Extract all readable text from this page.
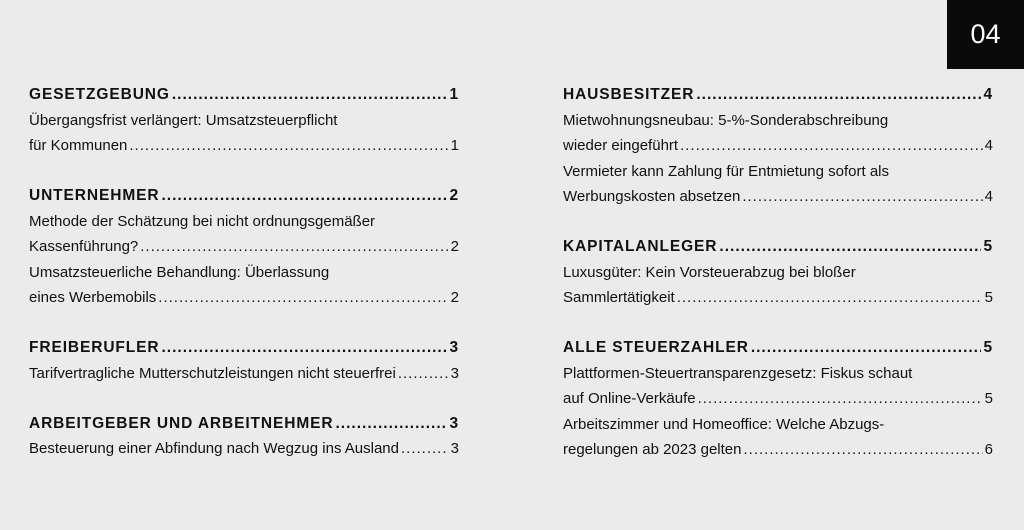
04
GESETZGEBUNG .....	1
Übergangsfrist verlängert: Umsatzsteuerpflicht
für Kommunen .....	1
UNTERNEHMER .....	2
Methode der Schätzung bei nicht ordnungsgemäßer
Kassenführung? .....	2
Umsatzsteuerliche Behandlung: Überlassung
eines Werbemobils .....	2
FREIBERUFLER .....	3
Tarifvertragliche Mutterschutzleistungen nicht steuerfrei .....	3
ARBEITGEBER UND ARBEITNEHMER .....	3
Besteuerung einer Abfindung nach Wegzug ins Ausland .....	3
HAUSBESITZER .....	4
Mietwohnungsneubau: 5-%-Sonderabschreibung
wieder eingeführt .....	4
Vermieter kann Zahlung für Entmietung sofort als
Werbungskosten absetzen .....	4
KAPITALANLEGER .....	5
Luxusgüter: Kein Vorsteuerabzug bei bloßer
Sammlertätigkeit .....	5
ALLE STEUERZAHLER .....	5
Plattformen-Steuertransparenzgesetz: Fiskus schaut
auf Online-Verkäufe .....	5
Arbeitszimmer und Homeoffice: Welche Abzugs-
regelungen ab 2023 gelten .....	6
